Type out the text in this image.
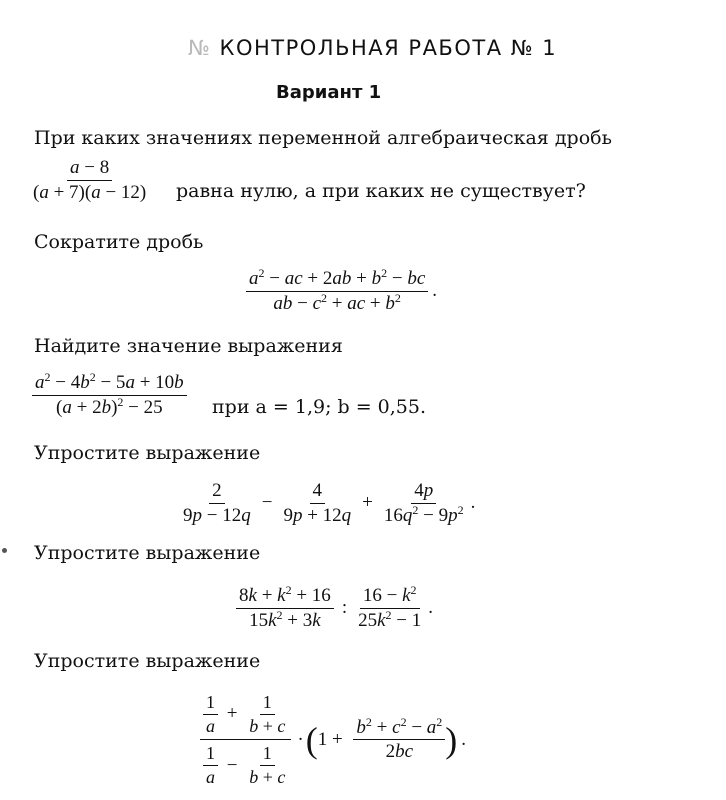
№ КОНТРОЛЬНАЯ РАБОТА № 1
Вариант 1
При каких значениях переменной алгебраическая дробь
$\frac{a - 8}{(a + 7)(a - 12)}$ равна нулю, а при каких не существует?
Сократите дробь
$\frac{a^2 - ac + 2ab + b^2 - bc}{ab - c^2 + ac + b^2}$ .
Найдите значение выражения
$\frac{a^2 - 4b^2 - 5a + 10b}{(a + 2b)^2 - 25}$ при a = 1,9; b = 0,55.
Упростите выражение
$\frac{2}{9p - 12q} - \frac{4}{9p + 12q} + \frac{4p}{16q^2 - 9p^2}$ .
Упростите выражение
$\frac{8k + k^2 + 16}{15k^2 + 3k}$ : $\frac{16 - k^2}{25k^2 - 1}$ .
Упростите выражение
$\frac{\frac{1}{a} + \frac{1}{b + c}}{\frac{1}{a} - \frac{1}{b + c}} \cdot(1 + \frac{b^2 + c^2 - a^2}{2bc}$ ) .
